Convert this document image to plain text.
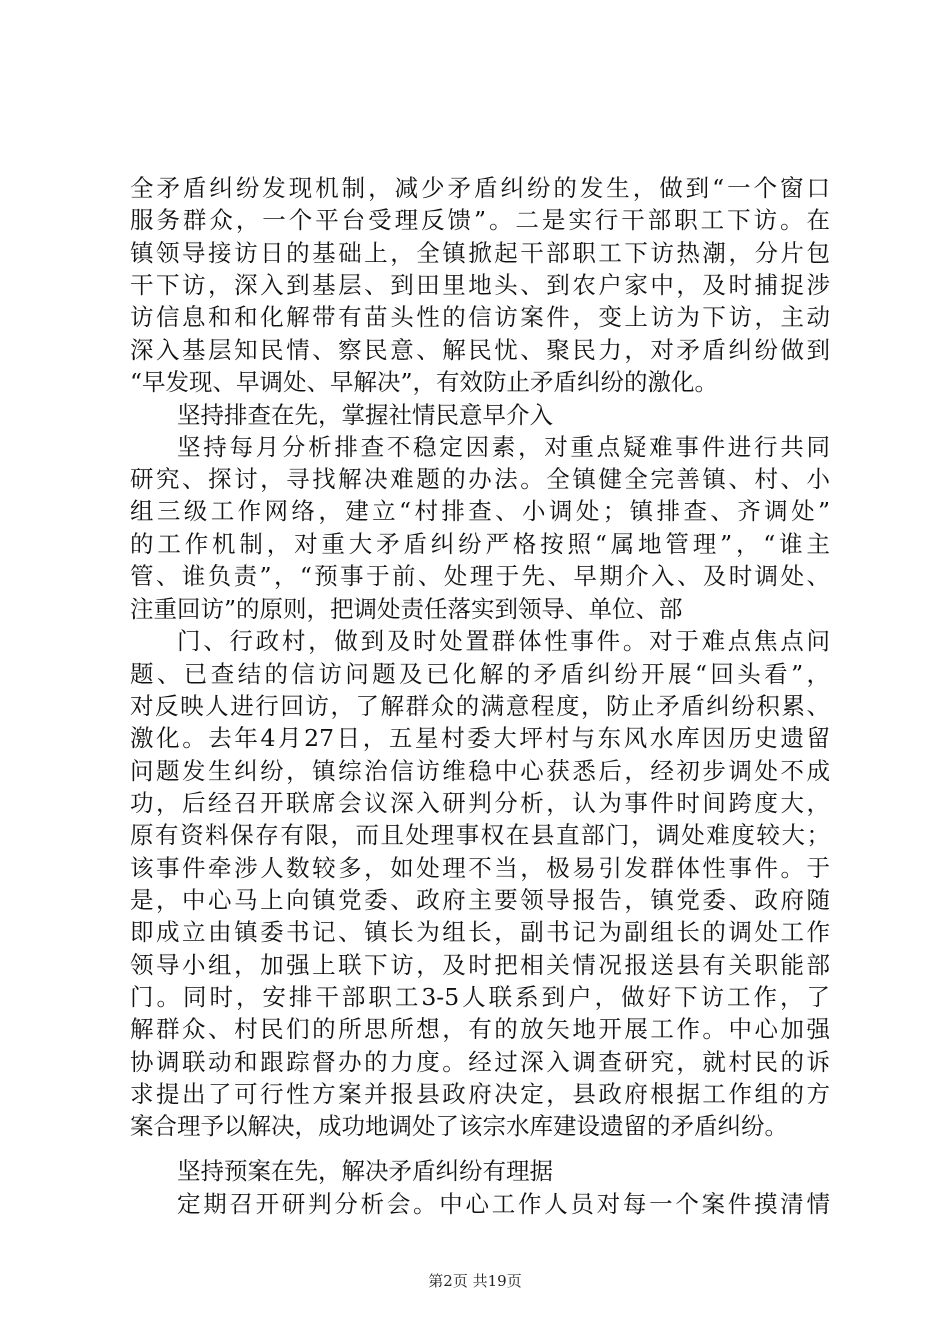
全矛盾纠纷发现机制，减少矛盾纠纷的发生，做到“一个窗口
服务群众，一个平台受理反馈”。二是实行干部职工下访。在
镇领导接访日的基础上，全镇掀起干部职工下访热潮，分片包
干下访，深入到基层、到田里地头、到农户家中，及时捕捉涉
访信息和和化解带有苗头性的信访案件，变上访为下访，主动
深入基层知民情、察民意、解民忧、聚民力，对矛盾纠纷做到
“早发现、早调处、早解决”，有效防止矛盾纠纷的激化。
坚持排查在先，掌握社情民意早介入
坚持每月分析排查不稳定因素，对重点疑难事件进行共同
研究、探讨，寻找解决难题的办法。全镇健全完善镇、村、小
组三级工作网络，建立“村排查、小调处；镇排查、齐调处”
的工作机制，对重大矛盾纠纷严格按照“属地管理”，“谁主
管、谁负责”，“预事于前、处理于先、早期介入、及时调处、
注重回访”的原则，把调处责任落实到领导、单位、部
门、行政村，做到及时处置群体性事件。对于难点焦点问
题、已查结的信访问题及已化解的矛盾纠纷开展“回头看”，
对反映人进行回访，了解群众的满意程度，防止矛盾纠纷积累、
激化。去年4月27日，五星村委大坪村与东风水库因历史遗留
问题发生纠纷，镇综治信访维稳中心获悉后，经初步调处不成
功，后经召开联席会议深入研判分析，认为事件时间跨度大，
原有资料保存有限，而且处理事权在县直部门，调处难度较大；
该事件牵涉人数较多，如处理不当，极易引发群体性事件。于
是，中心马上向镇党委、政府主要领导报告，镇党委、政府随
即成立由镇委书记、镇长为组长，副书记为副组长的调处工作
领导小组，加强上联下访，及时把相关情况报送县有关职能部
门。同时，安排干部职工3-5人联系到户，做好下访工作，了
解群众、村民们的所思所想，有的放矢地开展工作。中心加强
协调联动和跟踪督办的力度。经过深入调查研究，就村民的诉
求提出了可行性方案并报县政府决定，县政府根据工作组的方
案合理予以解决，成功地调处了该宗水库建设遗留的矛盾纠纷。
坚持预案在先，解决矛盾纠纷有理据
定期召开研判分析会。中心工作人员对每一个案件摸清情
第2页 共19页
